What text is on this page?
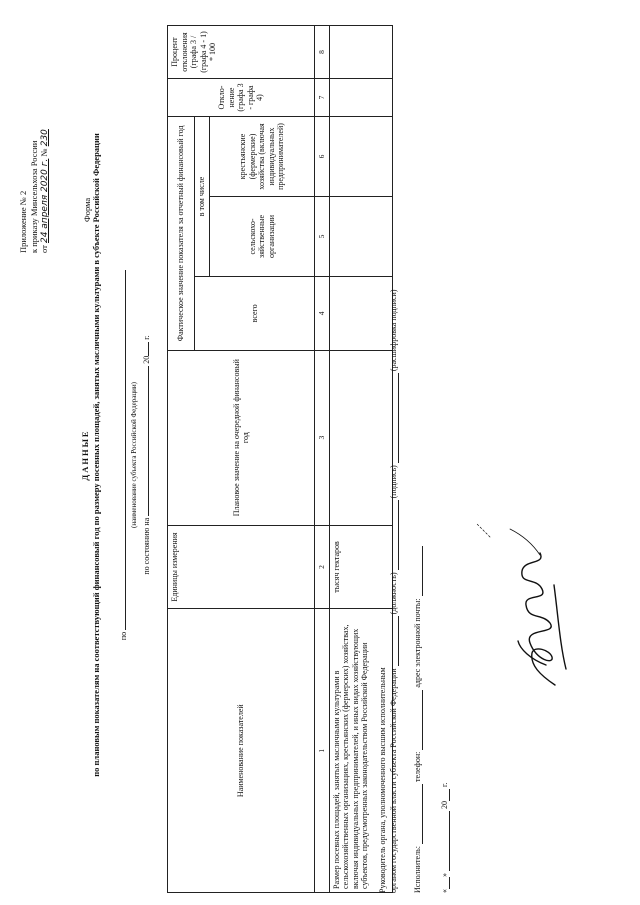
Приложение № 2 к приказу Минсельхоза России от 24 апреля 2020 г. № 230
Форма
ДАННЫЕ по плановым показателям на соответствующий финансовый год по размеру посевных площадей, занятых масличными культурами в субъекте Российской Федерации	по
(наименование субъекта Российской Федерации)
по состоянию на  20 г.
Наименование показателей	Единицы измерения	Плановое значение на очередной финансовый год	Фактическое значение показателя за отчетный финансовый год			Откло-нение (графа 3 - графа 4)	Процент отклонения (графа 3 / (графа 4 - 1) * 100
			всего	в том числе			
				сельскохо-зяйственные организации	крестьянские (фермерские) хозяйства (включая индивидуальных предпринимателей)		
1	2	3	4	5	6	7	8
Размер посевных площадей, занятых масличными культурами в сельскохозяйственных организациях, крестьянских (фермерских) хозяйствах, включая индивидуальных предпринимателей, и иных видах хозяйствующих субъектов, предусмотренных законодательством Российской Федерации	тысяч гектаров						
Руководитель органа, уполномоченного высшим исполнительным органом государственной власти субъекта Российской Федерации  (должность)  (подпись)  (расшифровка подписи)
Исполнитель:  телефон:  адрес электронной почты:
«»  20 г.
